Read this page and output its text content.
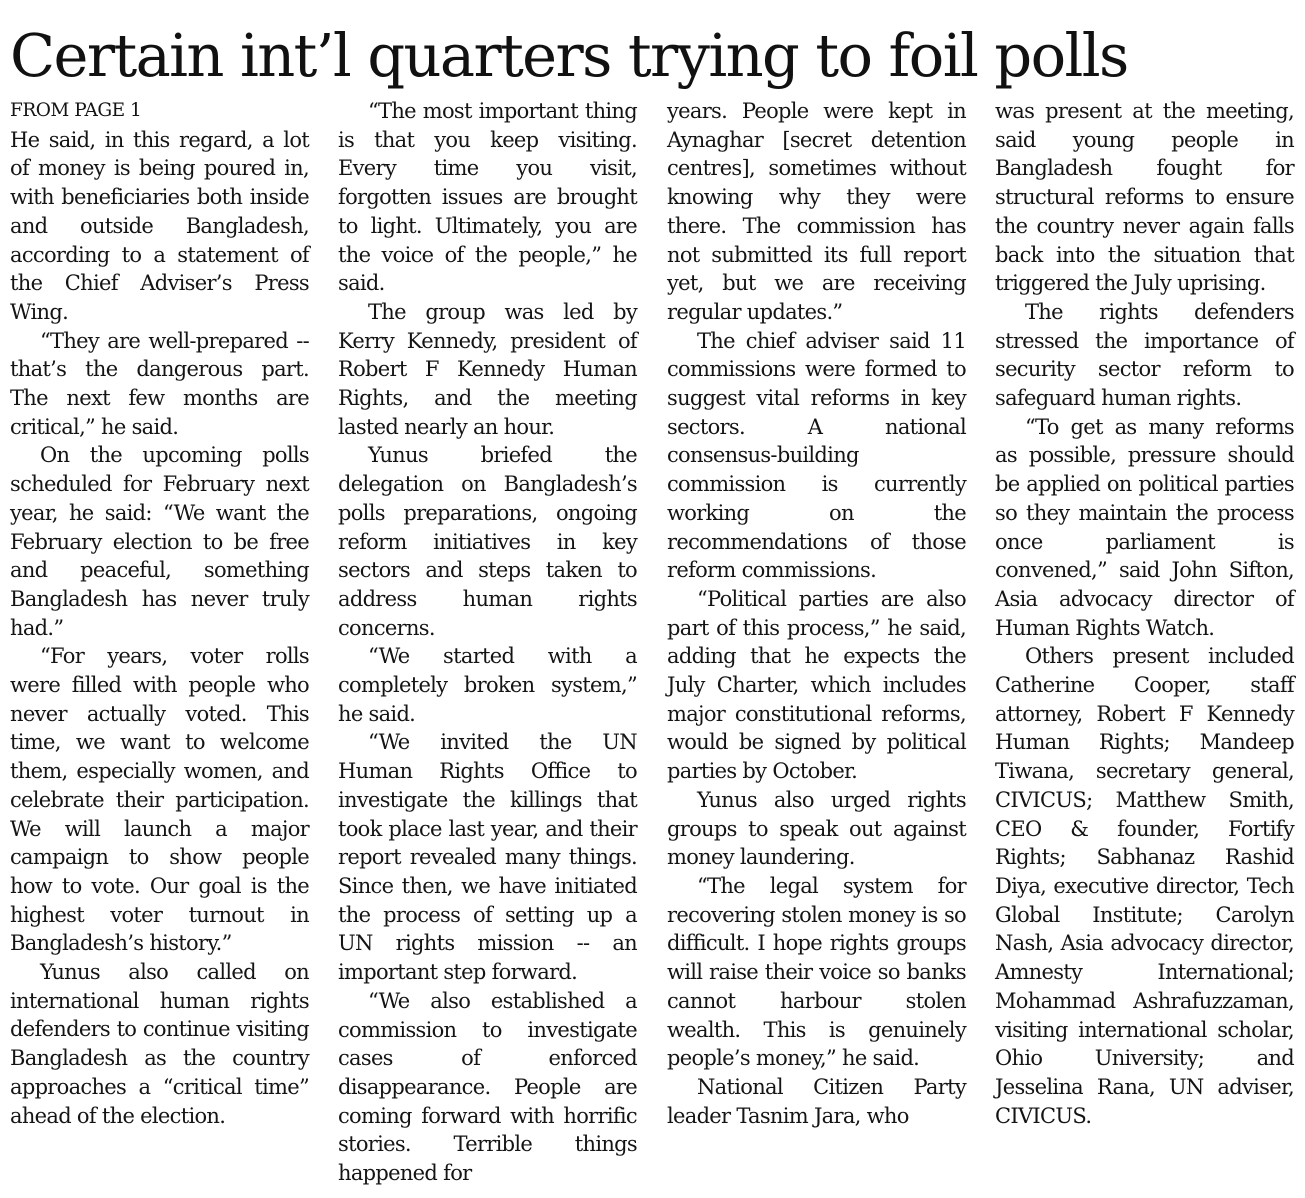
Certain int’l quarters trying to foil polls
FROM PAGE 1

He said, in this regard, a lot of money is being poured in, with beneficiaries both inside and outside Bangladesh, according to a statement of the Chief Adviser’s Press Wing.

“They are well-prepared -- that’s the dangerous part. The next few months are critical,” he said.

On the upcoming polls scheduled for February next year, he said: “We want the February election to be free and peaceful, something Bangladesh has never truly had.”

“For years, voter rolls were filled with people who never actually voted. This time, we want to welcome them, especially women, and celebrate their participation. We will launch a major campaign to show people how to vote. Our goal is the highest voter turnout in Bangladesh’s history.”

Yunus also called on international human rights defenders to continue visiting Bangladesh as the country approaches a “critical time” ahead of the election.

“The most important thing is that you keep visiting. Every time you visit, forgotten issues are brought to light. Ultimately, you are the voice of the people,” he said.

The group was led by Kerry Kennedy, president of Robert F Kennedy Human Rights, and the meeting lasted nearly an hour.

Yunus briefed the delegation on Bangladesh’s polls preparations, ongoing reform initiatives in key sectors and steps taken to address human rights concerns.

“We started with a completely broken system,” he said.

“We invited the UN Human Rights Office to investigate the killings that took place last year, and their report revealed many things. Since then, we have initiated the process of setting up a UN rights mission -- an important step forward.

“We also established a commission to investigate cases of enforced disappearance. People are coming forward with horrific stories. Terrible things happened for

years. People were kept in Aynaghar [secret detention centres], sometimes without knowing why they were there. The commission has not submitted its full report yet, but we are receiving regular updates.”

The chief adviser said 11 commissions were formed to suggest vital reforms in key sectors. A national consensus-building commission is currently working on the recommendations of those reform commissions.

“Political parties are also part of this process,” he said, adding that he expects the July Charter, which includes major constitutional reforms, would be signed by political parties by October.

Yunus also urged rights groups to speak out against money laundering.

“The legal system for recovering stolen money is so difficult. I hope rights groups will raise their voice so banks cannot harbour stolen wealth. This is genuinely people’s money,” he said.

National Citizen Party leader Tasnim Jara, who

was present at the meeting, said young people in Bangladesh fought for structural reforms to ensure the country never again falls back into the situation that triggered the July uprising.

The rights defenders stressed the importance of security sector reform to safeguard human rights.

“To get as many reforms as possible, pressure should be applied on political parties so they maintain the process once parliament is convened,” said John Sifton, Asia advocacy director of Human Rights Watch.

Others present included Catherine Cooper, staff attorney, Robert F Kennedy Human Rights; Mandeep Tiwana, secretary general, CIVICUS; Matthew Smith, CEO & founder, Fortify Rights; Sabhanaz Rashid Diya, executive director, Tech Global Institute; Carolyn Nash, Asia advocacy director, Amnesty International; Mohammad Ashrafuzzaman, visiting international scholar, Ohio University; and Jesselina Rana, UN adviser, CIVICUS.
